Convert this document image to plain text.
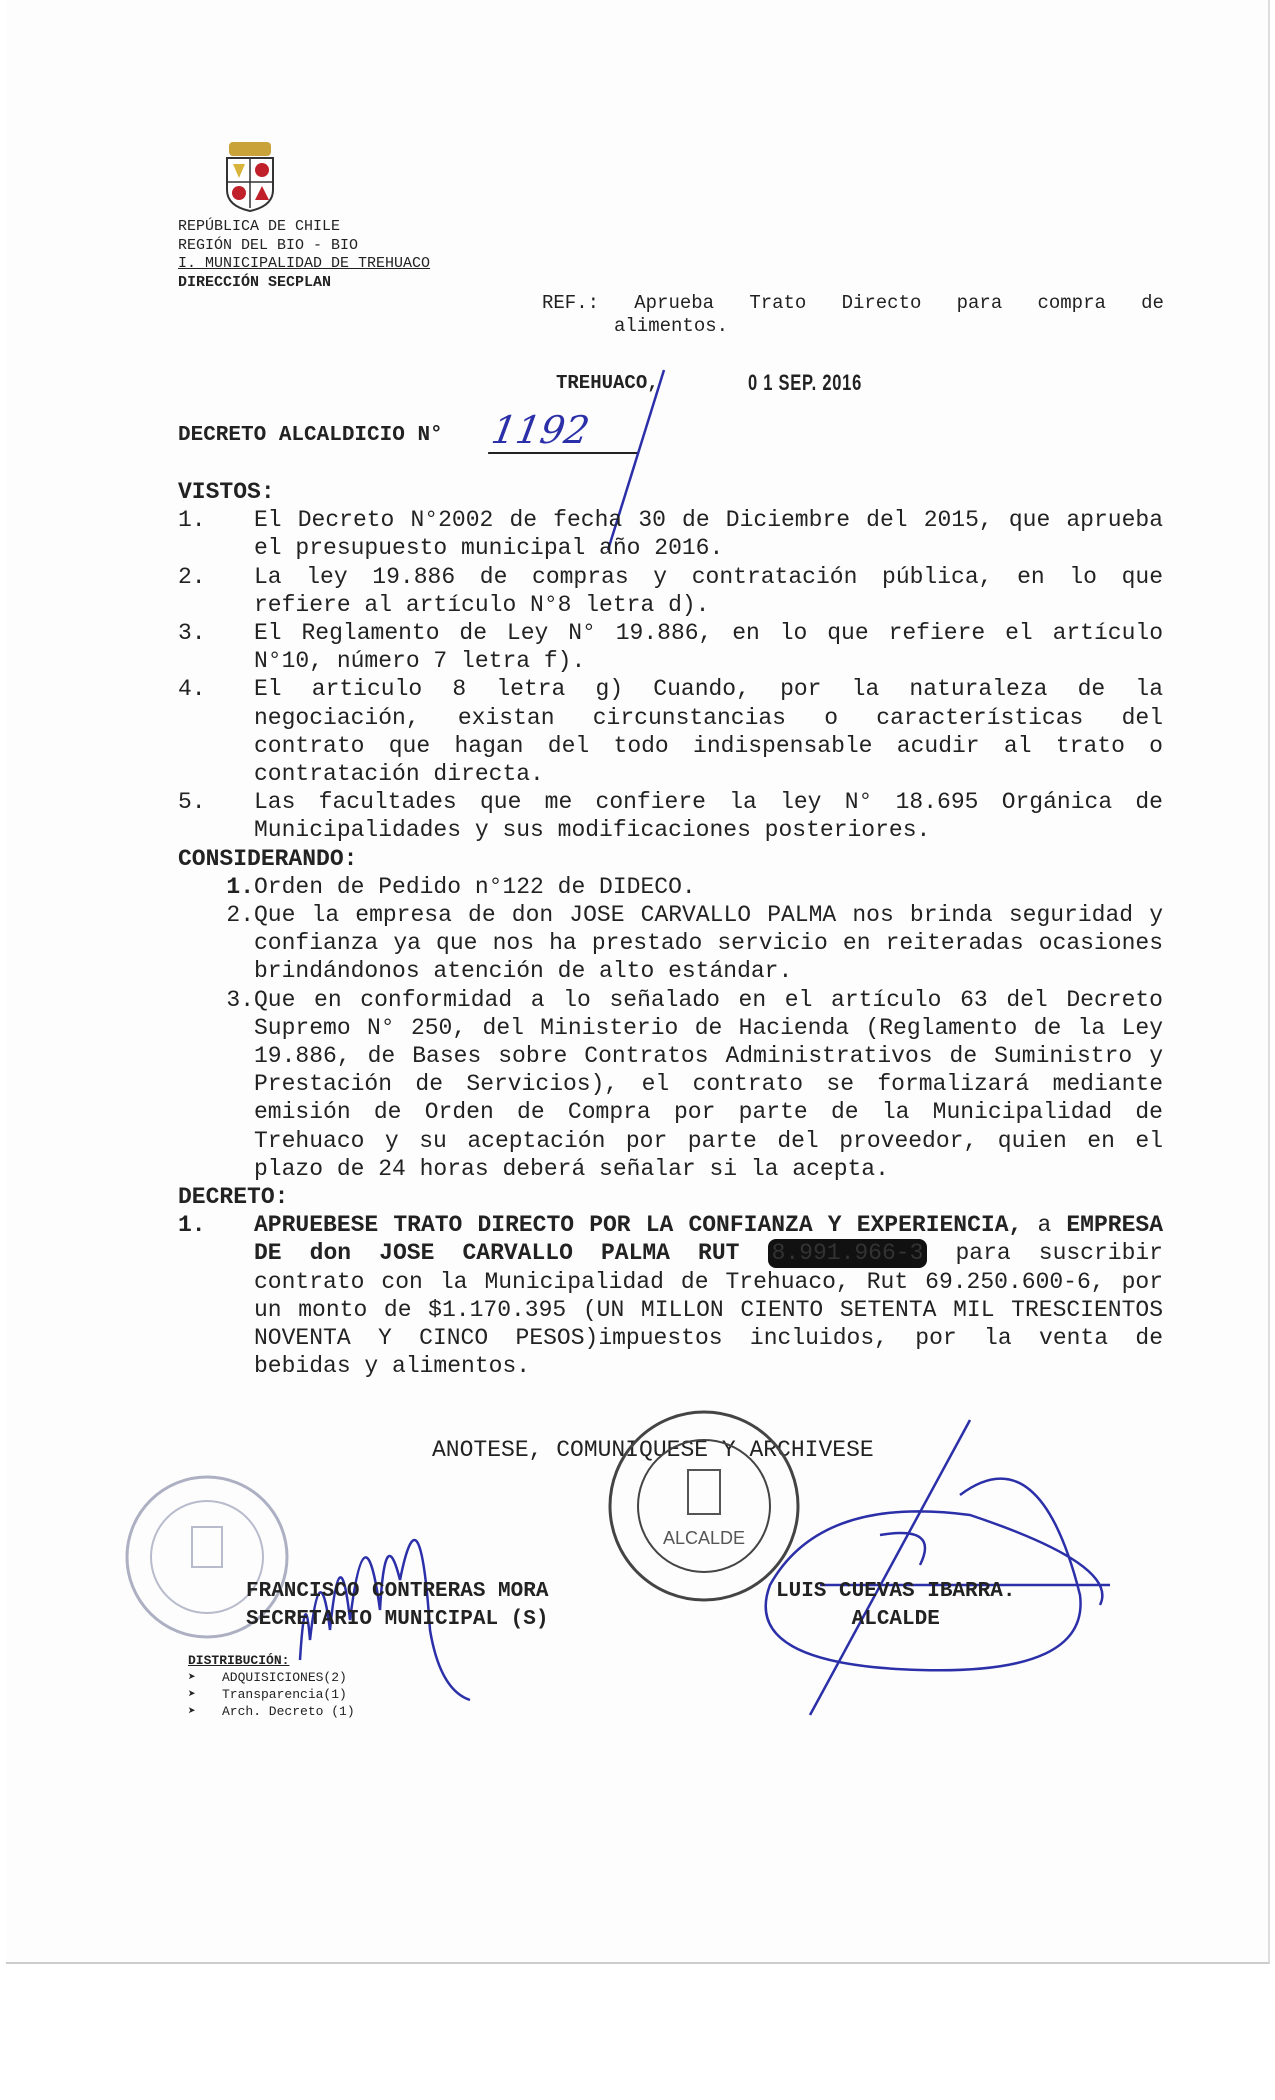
REPÚBLICA DE CHILE
REGIÓN DEL BIO - BIO
I. MUNICIPALIDAD DE TREHUACO
DIRECCIÓN SECPLAN
REF.: Aprueba Trato Directo para compra de
alimentos.
TREHUACO,	0 1 SEP. 2016
DECRETO ALCALDICIO N° 1192
VISTOS:
1.	El Decreto N°2002 de fecha 30 de Diciembre del 2015, que aprueba el presupuesto municipal año 2016.
2.	La ley 19.886 de compras y contratación pública, en lo que refiere al artículo N°8 letra d).
3.	El Reglamento de Ley N° 19.886, en lo que refiere el artículo N°10, número 7 letra f).
4.	El articulo 8 letra g) Cuando, por la naturaleza de la negociación, existan circunstancias o características del contrato que hagan del todo indispensable acudir al trato o contratación directa.
5.	Las facultades que me confiere la ley N° 18.695 Orgánica de Municipalidades y sus modificaciones posteriores.
CONSIDERANDO:
1. Orden de Pedido n°122 de DIDECO.
2. Que la empresa de don JOSE CARVALLO PALMA nos brinda seguridad y confianza ya que nos ha prestado servicio en reiteradas ocasiones brindándonos atención de alto estándar.
3. Que en conformidad a lo señalado en el artículo 63 del Decreto Supremo N° 250, del Ministerio de Hacienda (Reglamento de la Ley 19.886, de Bases sobre Contratos Administrativos de Suministro y Prestación de Servicios), el contrato se formalizará mediante emisión de Orden de Compra por parte de la Municipalidad de Trehuaco y su aceptación por parte del proveedor, quien en el plazo de 24 horas deberá señalar si la acepta.
DECRETO:
1.	APRUEBESE TRATO DIRECTO POR LA CONFIANZA Y EXPERIENCIA, a EMPRESA DE don JOSE CARVALLO PALMA RUT 8.991.966-3 para suscribir contrato con la Municipalidad de Trehuaco, Rut 69.250.600-6, por un monto de $1.170.395 (UN MILLON CIENTO SETENTA MIL TRESCIENTOS NOVENTA Y CINCO PESOS)impuestos incluidos, por la venta de bebidas y alimentos.
ANOTESE, COMUNIQUESE Y ARCHIVESE
ALCALDE
FRANCISCO CONTRERAS MORA
SECRETARIO MUNICIPAL (S)
LUIS CUEVAS IBARRA.
ALCALDE
DISTRIBUCIÓN:
➤ ADQUISICIONES(2)
➤ Transparencia(1)
➤ Arch. Decreto (1)
